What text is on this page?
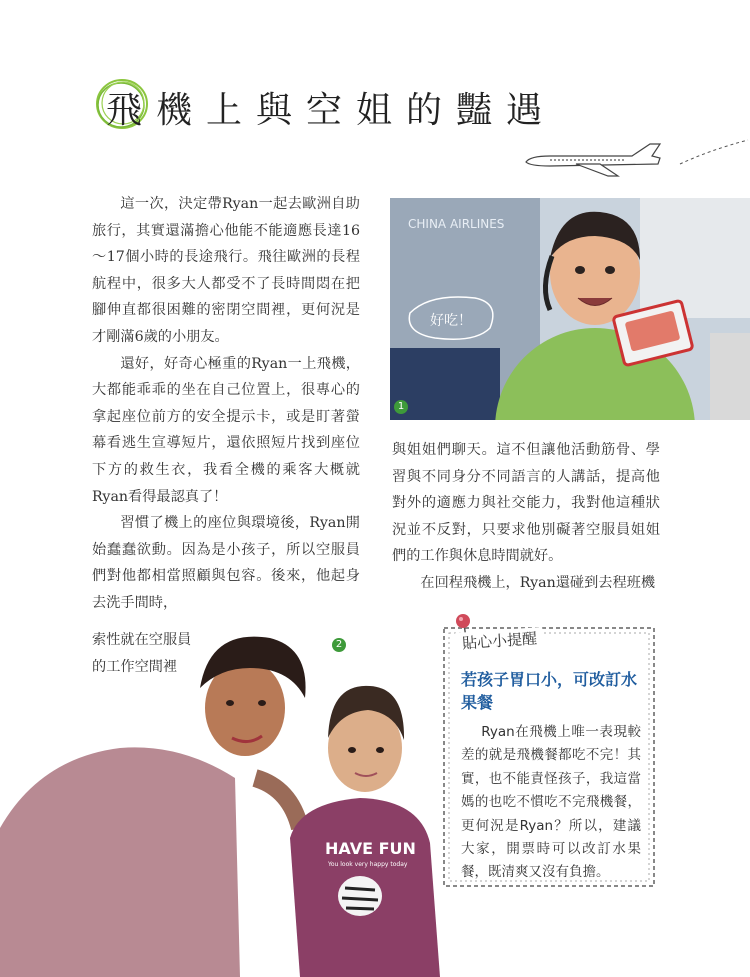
飛機上與空姐的豔遇

這一次，決定帶Ryan一起去歐洲自助旅行，其實還滿擔心他能不能適應長達16～17個小時的長途飛行。飛往歐洲的長程航程中，很多大人都受不了長時間悶在把腳伸直都很困難的密閉空間裡，更何況是才剛滿6歲的小朋友。

還好，好奇心極重的Ryan一上飛機，大都能乖乖的坐在自己位置上，很專心的拿起座位前方的安全提示卡，或是盯著螢幕看逃生宣導短片，還依照短片找到座位下方的救生衣，我看全機的乘客大概就Ryan看得最認真了！

習慣了機上的座位與環境後，Ryan開始蠢蠢欲動。因為是小孩子，所以空服員們對他都相當照顧與包容。後來，他起身去洗手間時，

索性就在空服員
的工作空間裡
CHINA AIRLINES
好吃！
1

與姐姐們聊天。這不但讓他活動筋骨、學習與不同身分不同語言的人講話，提高他對外的適應力與社交能力，我對他這種狀況並不反對，只要求他別礙著空服員姐姐們的工作與休息時間就好。

在回程飛機上，Ryan還碰到去程班機

HAVE FUN
You look very happy today
2	貼心小提醒
若孩子胃口小，可改訂水果餐
Ryan在飛機上唯一表現較差的就是飛機餐都吃不完！其實，也不能責怪孩子，我這當媽的也吃不慣吃不完飛機餐，更何況是Ryan？所以，建議大家，開票時可以改訂水果餐，既清爽又沒有負擔。
